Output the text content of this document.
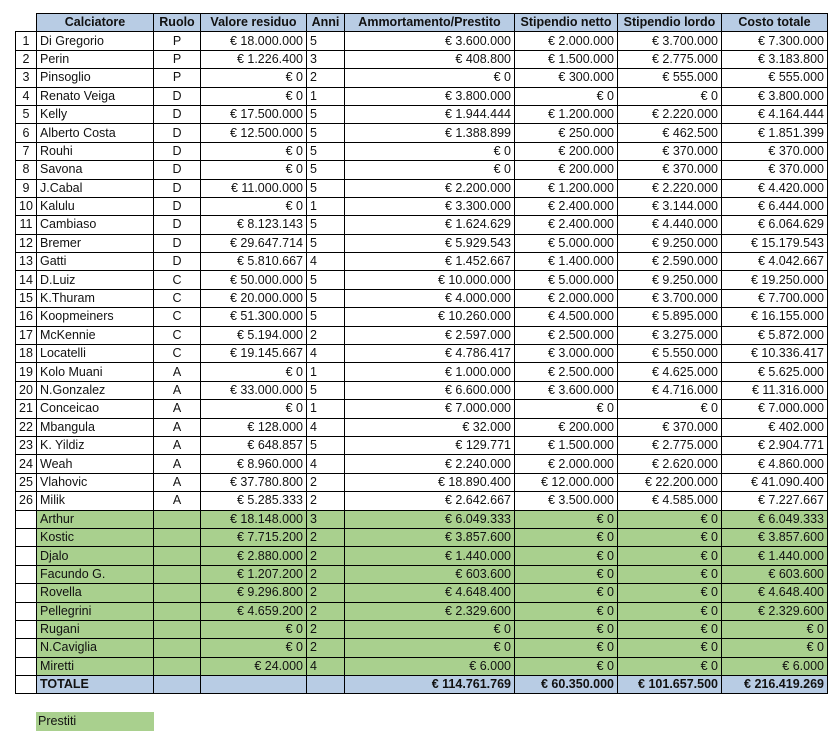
	Calciatore	Ruolo	Valore residuo	Anni	Ammortamento/Prestito	Stipendio netto	Stipendio lordo	Costo totale
1	Di Gregorio	P	€ 18.000.000	5	€ 3.600.000	€ 2.000.000	€ 3.700.000	€ 7.300.000
2	Perin	P	€ 1.226.400	3	€ 408.800	€ 1.500.000	€ 2.775.000	€ 3.183.800
3	Pinsoglio	P	€ 0	2	€ 0	€ 300.000	€ 555.000	€ 555.000
4	Renato Veiga	D	€ 0	1	€ 3.800.000	€ 0	€ 0	€ 3.800.000
5	Kelly	D	€ 17.500.000	5	€ 1.944.444	€ 1.200.000	€ 2.220.000	€ 4.164.444
6	Alberto Costa	D	€ 12.500.000	5	€ 1.388.899	€ 250.000	€ 462.500	€ 1.851.399
7	Rouhi	D	€ 0	5	€ 0	€ 200.000	€ 370.000	€ 370.000
8	Savona	D	€ 0	5	€ 0	€ 200.000	€ 370.000	€ 370.000
9	J.Cabal	D	€ 11.000.000	5	€ 2.200.000	€ 1.200.000	€ 2.220.000	€ 4.420.000
10	Kalulu	D	€ 0	1	€ 3.300.000	€ 2.400.000	€ 3.144.000	€ 6.444.000
11	Cambiaso	D	€ 8.123.143	5	€ 1.624.629	€ 2.400.000	€ 4.440.000	€ 6.064.629
12	Bremer	D	€ 29.647.714	5	€ 5.929.543	€ 5.000.000	€ 9.250.000	€ 15.179.543
13	Gatti	D	€ 5.810.667	4	€ 1.452.667	€ 1.400.000	€ 2.590.000	€ 4.042.667
14	D.Luiz	C	€ 50.000.000	5	€ 10.000.000	€ 5.000.000	€ 9.250.000	€ 19.250.000
15	K.Thuram	C	€ 20.000.000	5	€ 4.000.000	€ 2.000.000	€ 3.700.000	€ 7.700.000
16	Koopmeiners	C	€ 51.300.000	5	€ 10.260.000	€ 4.500.000	€ 5.895.000	€ 16.155.000
17	McKennie	C	€ 5.194.000	2	€ 2.597.000	€ 2.500.000	€ 3.275.000	€ 5.872.000
18	Locatelli	C	€ 19.145.667	4	€ 4.786.417	€ 3.000.000	€ 5.550.000	€ 10.336.417
19	Kolo Muani	A	€ 0	1	€ 1.000.000	€ 2.500.000	€ 4.625.000	€ 5.625.000
20	N.Gonzalez	A	€ 33.000.000	5	€ 6.600.000	€ 3.600.000	€ 4.716.000	€ 11.316.000
21	Conceicao	A	€ 0	1	€ 7.000.000	€ 0	€ 0	€ 7.000.000
22	Mbangula	A	€ 128.000	4	€ 32.000	€ 200.000	€ 370.000	€ 402.000
23	K. Yildiz	A	€ 648.857	5	€ 129.771	€ 1.500.000	€ 2.775.000	€ 2.904.771
24	Weah	A	€ 8.960.000	4	€ 2.240.000	€ 2.000.000	€ 2.620.000	€ 4.860.000
25	Vlahovic	A	€ 37.780.800	2	€ 18.890.400	€ 12.000.000	€ 22.200.000	€ 41.090.400
26	Milik	A	€ 5.285.333	2	€ 2.642.667	€ 3.500.000	€ 4.585.000	€ 7.227.667
	Arthur		€ 18.148.000	3	€ 6.049.333	€ 0	€ 0	€ 6.049.333
	Kostic		€ 7.715.200	2	€ 3.857.600	€ 0	€ 0	€ 3.857.600
	Djalo		€ 2.880.000	2	€ 1.440.000	€ 0	€ 0	€ 1.440.000
	Facundo G.		€ 1.207.200	2	€ 603.600	€ 0	€ 0	€ 603.600
	Rovella		€ 9.296.800	2	€ 4.648.400	€ 0	€ 0	€ 4.648.400
	Pellegrini		€ 4.659.200	2	€ 2.329.600	€ 0	€ 0	€ 2.329.600
	Rugani		€ 0	2	€ 0	€ 0	€ 0	€ 0
	N.Caviglia		€ 0	2	€ 0	€ 0	€ 0	€ 0
	Miretti		€ 24.000	4	€ 6.000	€ 0	€ 0	€ 6.000
	TOTALE				€ 114.761.769	€ 60.350.000	€ 101.657.500	€ 216.419.269
Prestiti
